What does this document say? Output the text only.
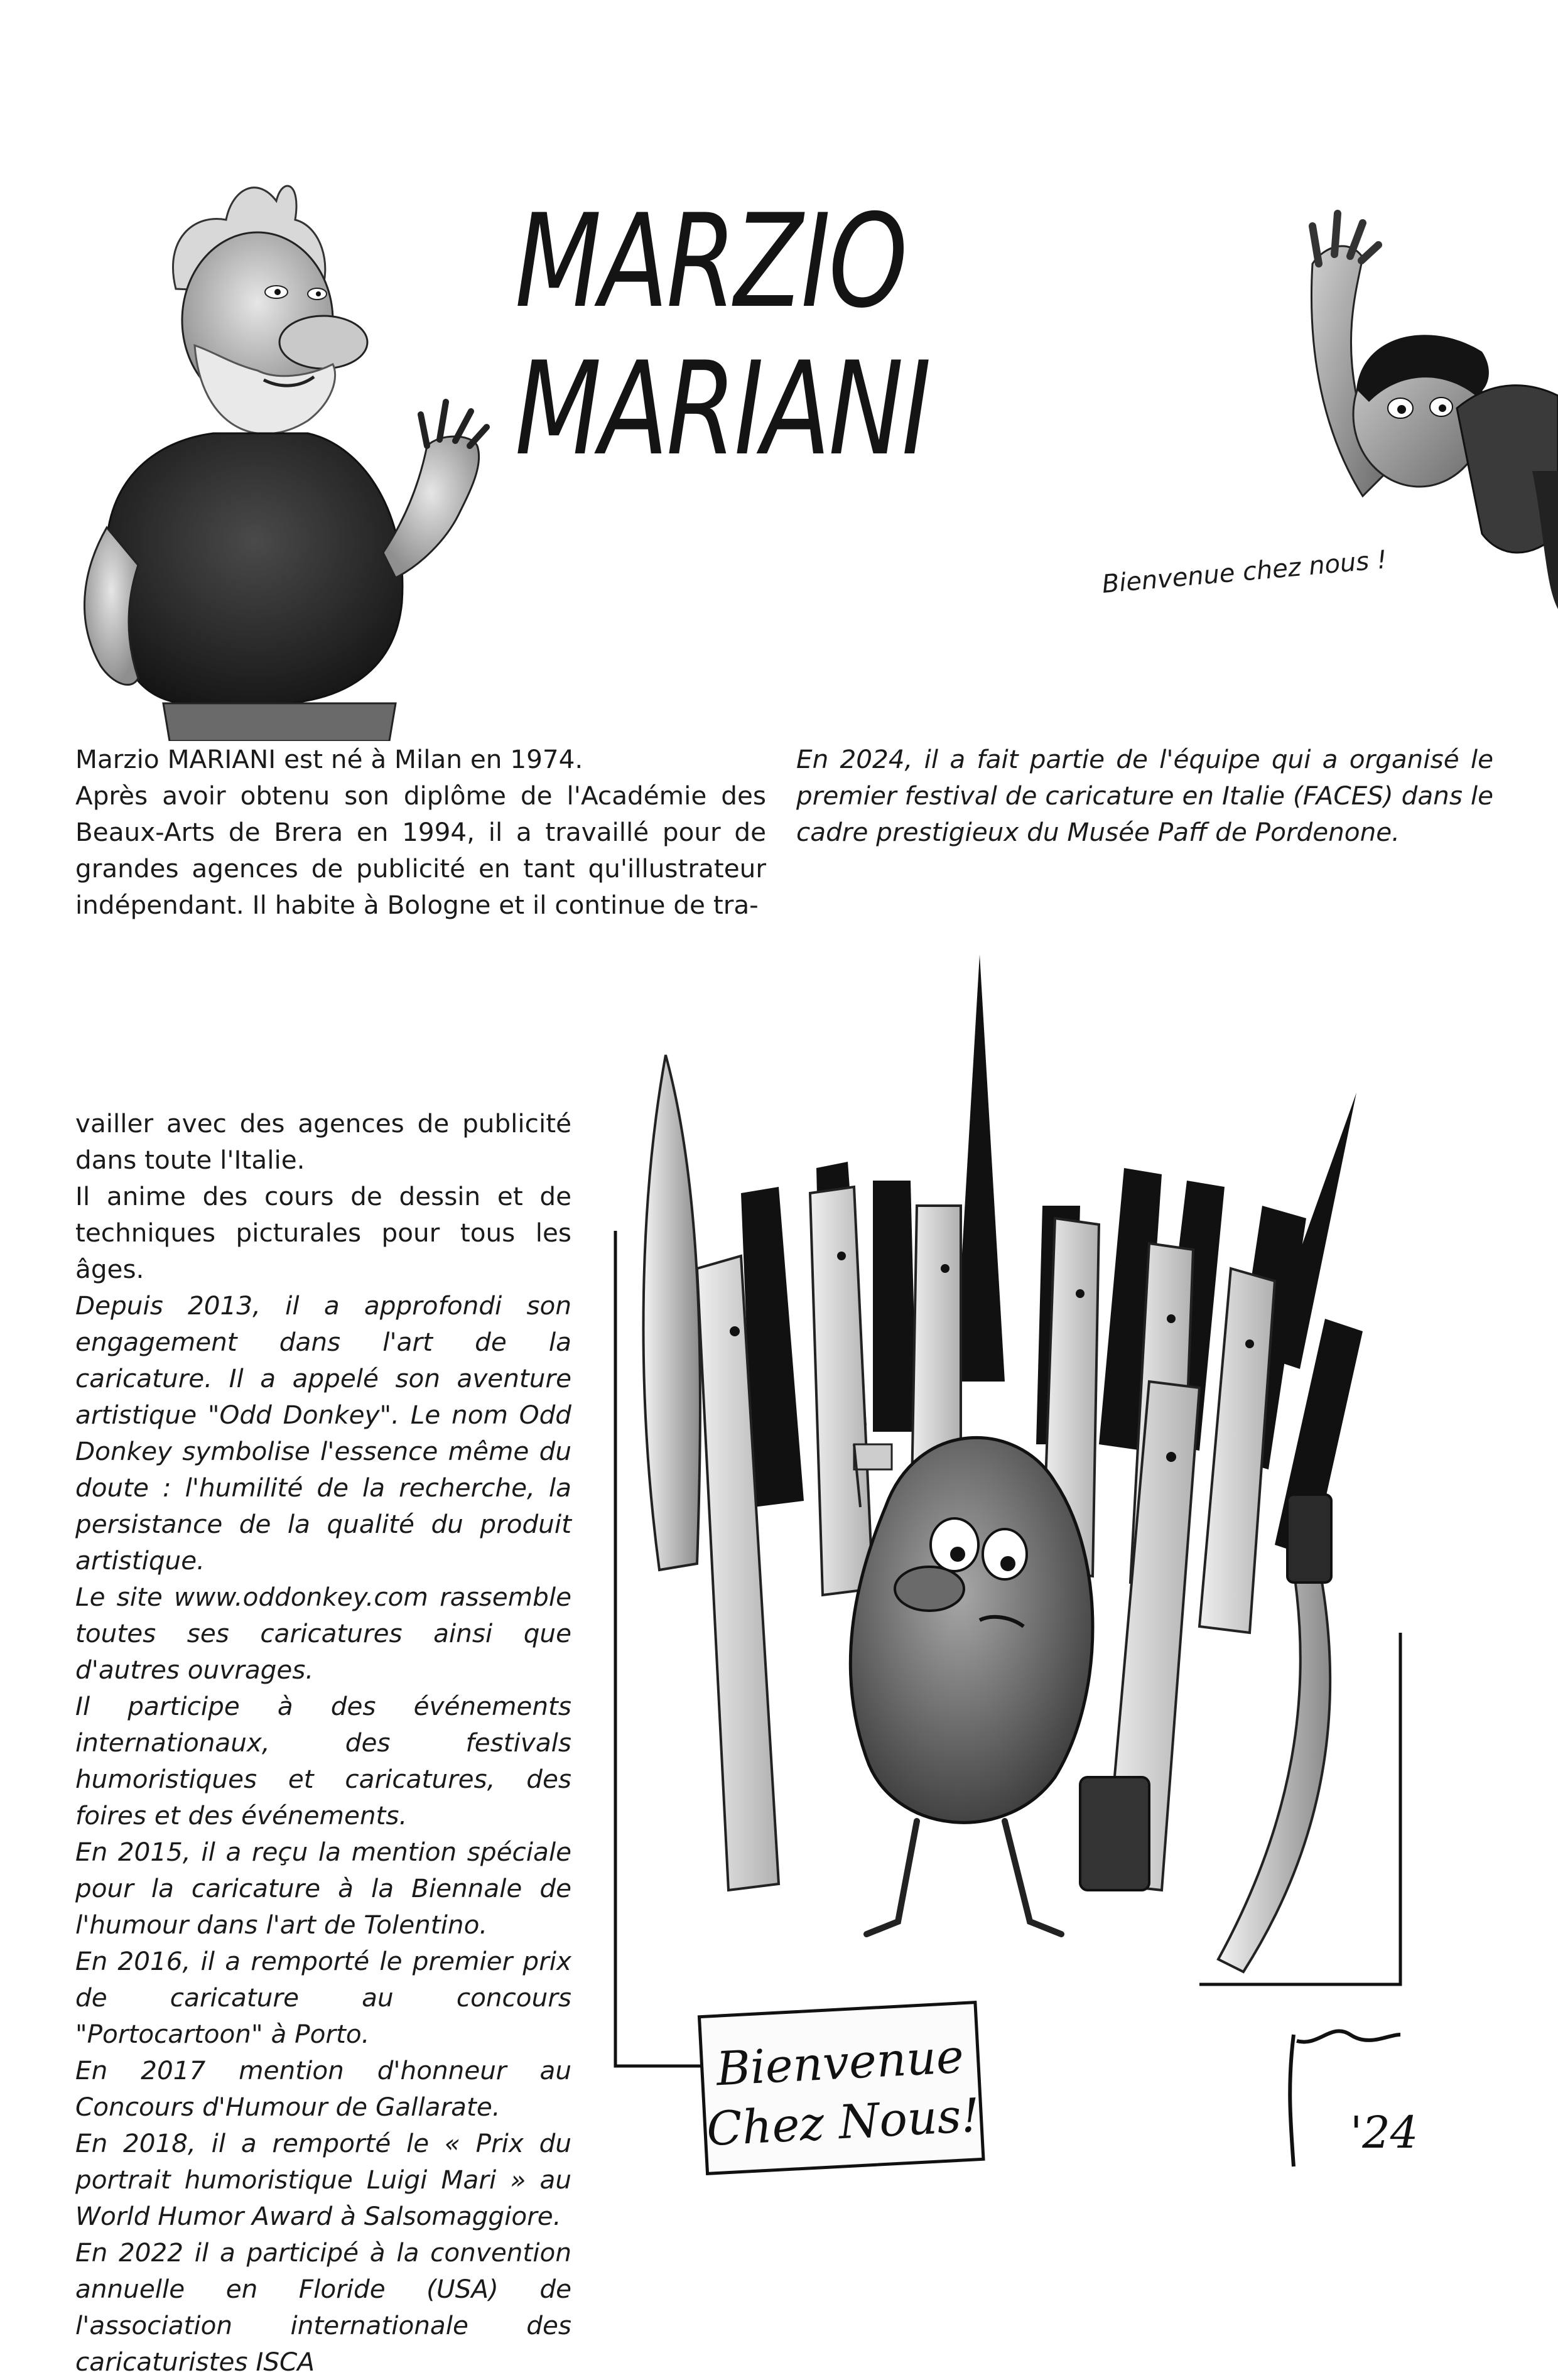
MARZIO
MARIANI
Bienvenue chez nous !

Marzio MARIANI est né à Milan en 1974.

Après avoir obtenu son diplôme de l'Académie des Beaux-Arts de Brera en 1994, il a travaillé pour de grandes agences de publicité en tant qu'illustrateur indépendant. Il habite à Bologne et il continue de tra-

vailler avec des agences de publicité dans toute l'Italie.

Il anime des cours de dessin et de techniques picturales pour tous les âges.

Depuis 2013, il a approfondi son engagement dans l'art de la caricature. Il a appelé son aventure artistique "Odd Donkey". Le nom Odd Donkey symbolise l'essence même du doute : l'humilité de la recherche, la persistance de la qualité du produit artistique.

Le site www.oddonkey.com rassemble toutes ses caricatures ainsi que d'autres ouvrages.

Il participe à des événements internationaux, des festivals humoristiques et caricatures, des foires et des événements.

En 2015, il a reçu la mention spéciale pour la caricature à la Biennale de l'humour dans l'art de Tolentino.

En 2016, il a remporté le premier prix de caricature au concours "Portocartoon" à Porto.

En 2017 mention d'honneur au Concours d'Humour de Gallarate.

En 2018, il a remporté le « Prix du portrait humoristique Luigi Mari » au World Humor Award à Salsomaggiore.

En 2022 il a participé à la convention annuelle en Floride (USA) de l'association internationale des caricaturistes ISCA

En 2024, il a fait partie de l'équipe qui a organisé le premier festival de caricature en Italie (FACES) dans le cadre prestigieux du Musée Paff de Pordenone.

Bienvenue
Chez Nous!	'24
